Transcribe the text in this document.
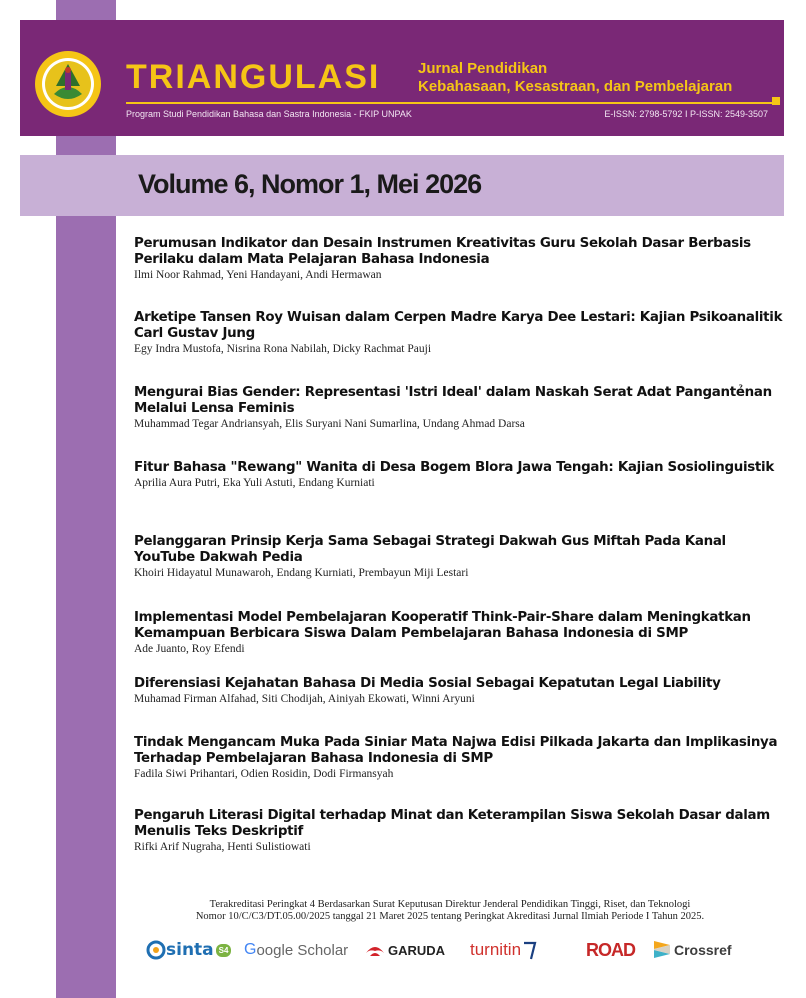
TRIANGULASI	Jurnal Pendidikan
Kebahasaan, Kesastraan, dan Pembelajaran
Program Studi Pendidikan Bahasa dan Sastra Indonesia - FKIP UNPAK	E-ISSN: 2798-5792 I P-ISSN: 2549-3507
Volume 6, Nomor 1, Mei 2026
Perumusan Indikator dan Desain Instrumen Kreativitas Guru Sekolah Dasar Berbasis Perilaku dalam Mata Pelajaran Bahasa Indonesia
Ilmi Noor Rahmad, Yeni Handayani, Andi Hermawan
Arketipe Tansen Roy Wuisan dalam Cerpen Madre Karya Dee Lestari: Kajian Psikoanalitik Carl Gustav Jung
Egy Indra Mustofa, Nisrina Rona Nabilah, Dicky Rachmat Pauji
Mengurai Bias Gender: Representasi 'Istri Ideal' dalam Naskah Serat Adat Pangantẻnan Melalui Lensa Feminis
Muhammad Tegar Andriansyah, Elis Suryani Nani Sumarlina, Undang Ahmad Darsa
Fitur Bahasa "Rewang" Wanita di Desa Bogem Blora Jawa Tengah: Kajian Sosiolinguistik
Aprilia Aura Putri, Eka Yuli Astuti, Endang Kurniati
Pelanggaran Prinsip Kerja Sama Sebagai Strategi Dakwah Gus Miftah Pada Kanal YouTube Dakwah Pedia
Khoiri Hidayatul Munawaroh, Endang Kurniati, Prembayun Miji Lestari
Implementasi Model Pembelajaran Kooperatif Think-Pair-Share dalam Meningkatkan Kemampuan Berbicara Siswa Dalam Pembelajaran Bahasa Indonesia di SMP
Ade Juanto, Roy Efendi
Diferensiasi Kejahatan Bahasa Di Media Sosial Sebagai Kepatutan Legal Liability
Muhamad Firman Alfahad, Siti Chodijah, Ainiyah Ekowati, Winni Aryuni
Tindak Mengancam Muka Pada Siniar Mata Najwa Edisi Pilkada Jakarta dan Implikasinya Terhadap Pembelajaran Bahasa Indonesia di SMP
Fadila Siwi Prihantari, Odien Rosidin, Dodi Firmansyah
Pengaruh Literasi Digital terhadap Minat dan Keterampilan Siswa Sekolah Dasar dalam Menulis Teks Deskriptif
Rifki Arif Nugraha, Henti Sulistiowati
Terakreditasi Peringkat 4 Berdasarkan Surat Keputusan Direktur Jenderal Pendidikan Tinggi, Riset, dan Teknologi
Nomor 10/C/C3/DT.05.00/2025 tanggal 21 Maret 2025 tentang Peringkat Akreditasi Jurnal Ilmiah Periode I Tahun 2025.
sinta S4 G oogle Scholar	GARUDA turnitin	ROAD	Crossref
